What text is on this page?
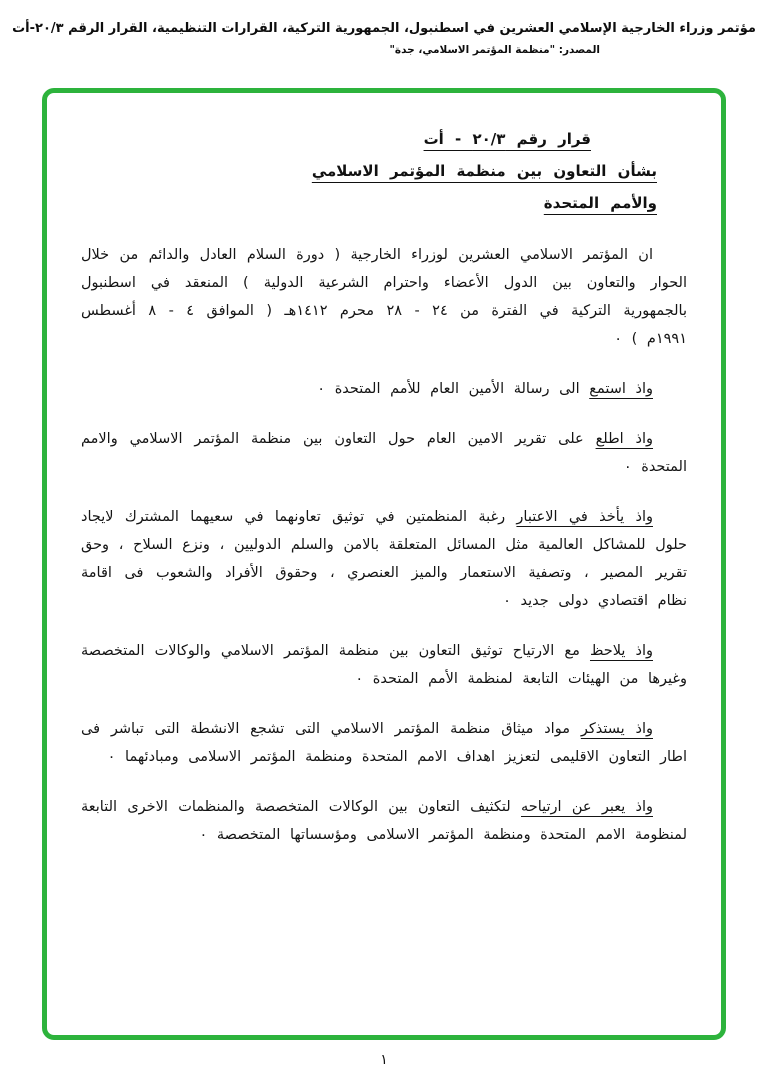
مؤتمر وزراء الخارجية الإسلامي العشرين في اسطنبول، الجمهورية التركية، القرارات التنظيمية، القرار الرقم ٢٠/٣-أت
المصدر: "منظمة المؤتمر الاسلامي، جدة"
قرار رقم ٢٠/٣ - أت
بشأن التعاون بين منظمة المؤتمر الاسلامي
والأمم المتحدة

ان المؤتمر الاسلامي العشرين لوزراء الخارجية ( دورة السلام العادل والدائم من خلال الحوار والتعاون بين الدول الأعضاء واحترام الشرعية الدولية ) المنعقد في اسطنبول بالجمهورية التركية في الفترة من ٢٤ - ٢٨ محرم ١٤١٢هـ ( الموافق ٤ - ٨ أغسطس ١٩٩١م ) ٠

واذ استمع الى رسالة الأمين العام للأمم المتحدة ٠

واذ اطلع على تقرير الامين العام حول التعاون بين منظمة المؤتمر الاسلامي والامم المتحدة ٠

واذ يأخذ في الاعتبار رغبة المنظمتين في توثيق تعاونهما في سعيهما المشترك لايجاد حلول للمشاكل العالمية مثل المسائل المتعلقة بالامن والسلم الدوليين ، ونزع السلاح ، وحق تقرير المصير ، وتصفية الاستعمار والميز العنصري ، وحقوق الأفراد والشعوب فى اقامة نظام اقتصادي دولى جديد ٠

واذ يلاحظ مع الارتياح توثيق التعاون بين منظمة المؤتمر الاسلامي والوكالات المتخصصة وغيرها من الهيئات التابعة لمنظمة الأمم المتحدة ٠

واذ يستذكر مواد ميثاق منظمة المؤتمر الاسلامي التى تشجع الانشطة التى تباشر فى اطار التعاون الاقليمى لتعزيز اهداف الامم المتحدة ومنظمة المؤتمر الاسلامى ومبادئهما ٠

واذ يعبر عن ارتياحه لتكثيف التعاون بين الوكالات المتخصصة والمنظمات الاخرى التابعة لمنظومة الامم المتحدة ومنظمة المؤتمر الاسلامى ومؤسساتها المتخصصة ٠

١
